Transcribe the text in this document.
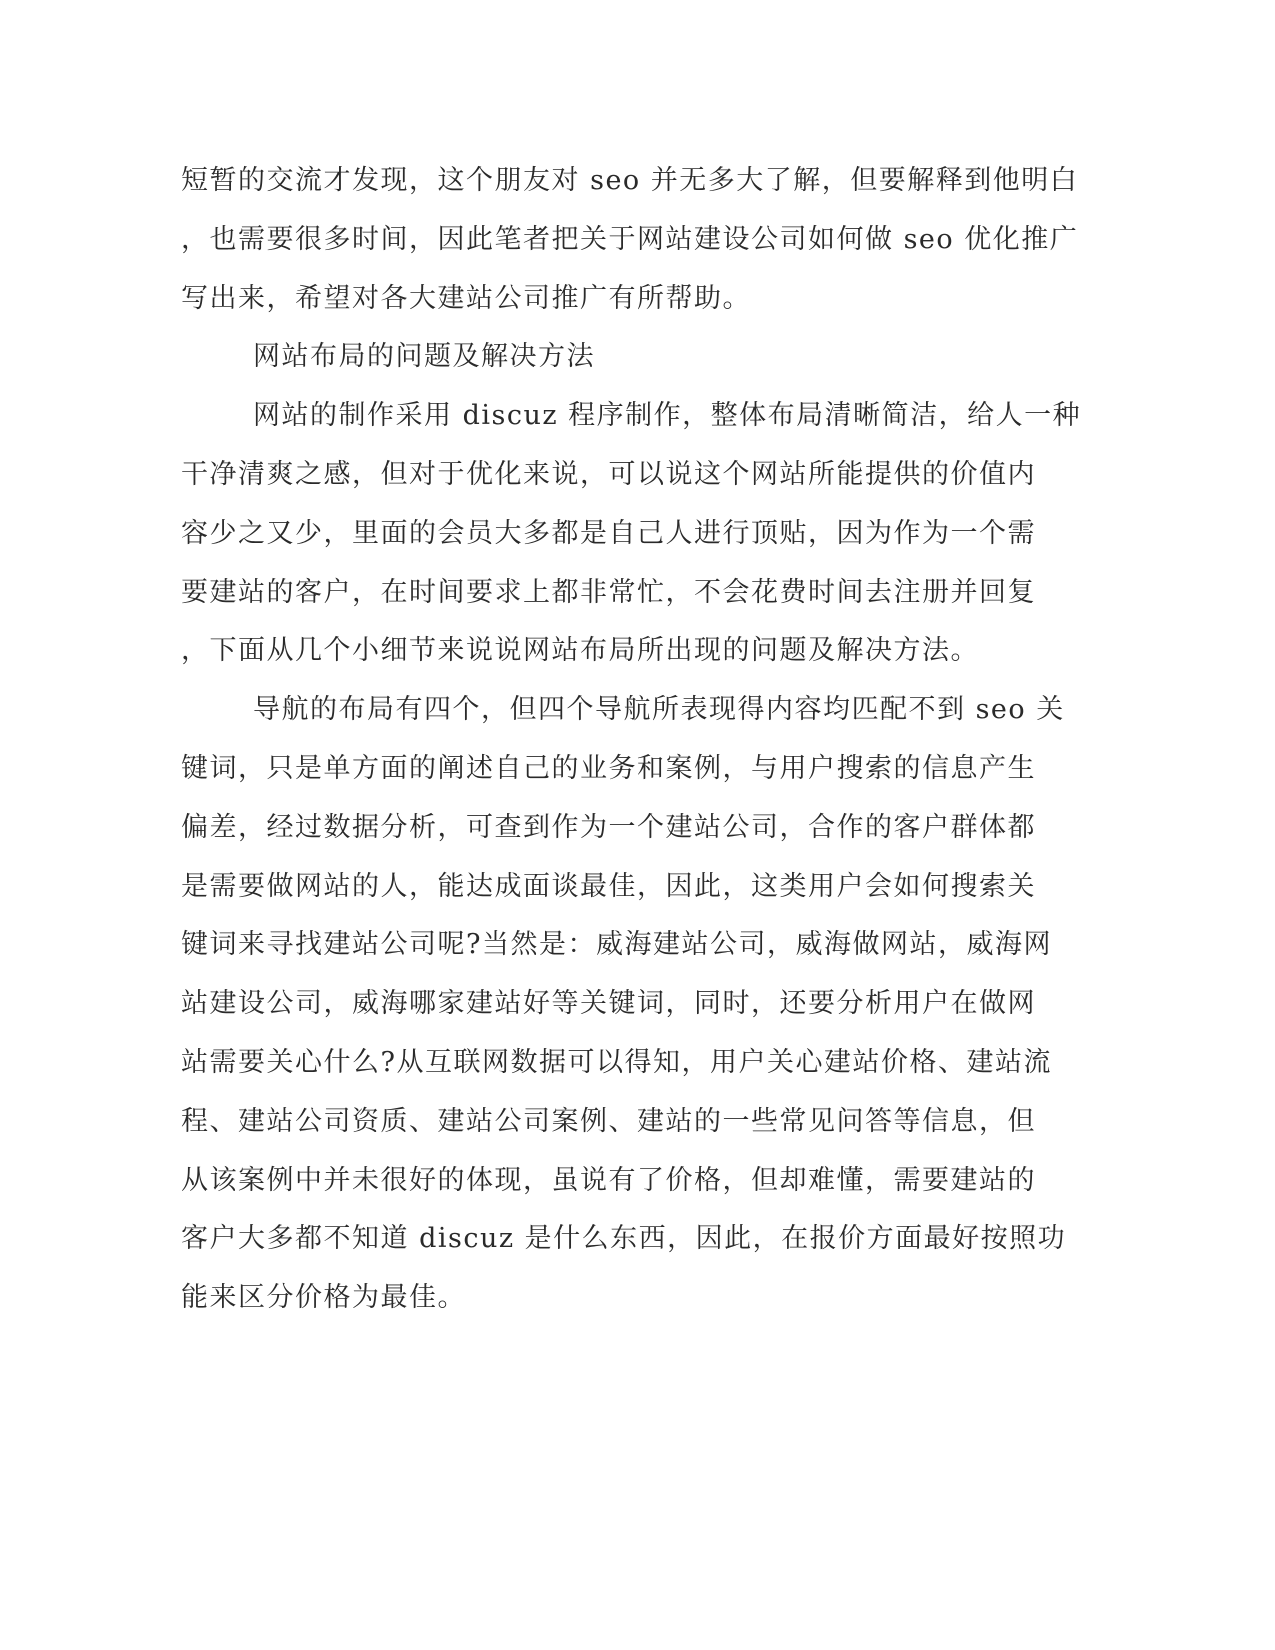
短暂的交流才发现，这个朋友对 seo 并无多大了解，但要解释到他明白
，也需要很多时间，因此笔者把关于网站建设公司如何做 seo 优化推广
写出来，希望对各大建站公司推广有所帮助。
网站布局的问题及解决方法
网站的制作采用 discuz 程序制作，整体布局清晰简洁，给人一种
干净清爽之感，但对于优化来说，可以说这个网站所能提供的价值内
容少之又少，里面的会员大多都是自己人进行顶贴，因为作为一个需
要建站的客户，在时间要求上都非常忙，不会花费时间去注册并回复
，下面从几个小细节来说说网站布局所出现的问题及解决方法。
导航的布局有四个，但四个导航所表现得内容均匹配不到 seo 关
键词，只是单方面的阐述自己的业务和案例，与用户搜索的信息产生
偏差，经过数据分析，可查到作为一个建站公司，合作的客户群体都
是需要做网站的人，能达成面谈最佳，因此，这类用户会如何搜索关
键词来寻找建站公司呢?当然是：威海建站公司，威海做网站，威海网
站建设公司，威海哪家建站好等关键词，同时，还要分析用户在做网
站需要关心什么?从互联网数据可以得知，用户关心建站价格、建站流
程、建站公司资质、建站公司案例、建站的一些常见问答等信息，但
从该案例中并未很好的体现，虽说有了价格，但却难懂，需要建站的
客户大多都不知道 discuz 是什么东西，因此，在报价方面最好按照功
能来区分价格为最佳。
